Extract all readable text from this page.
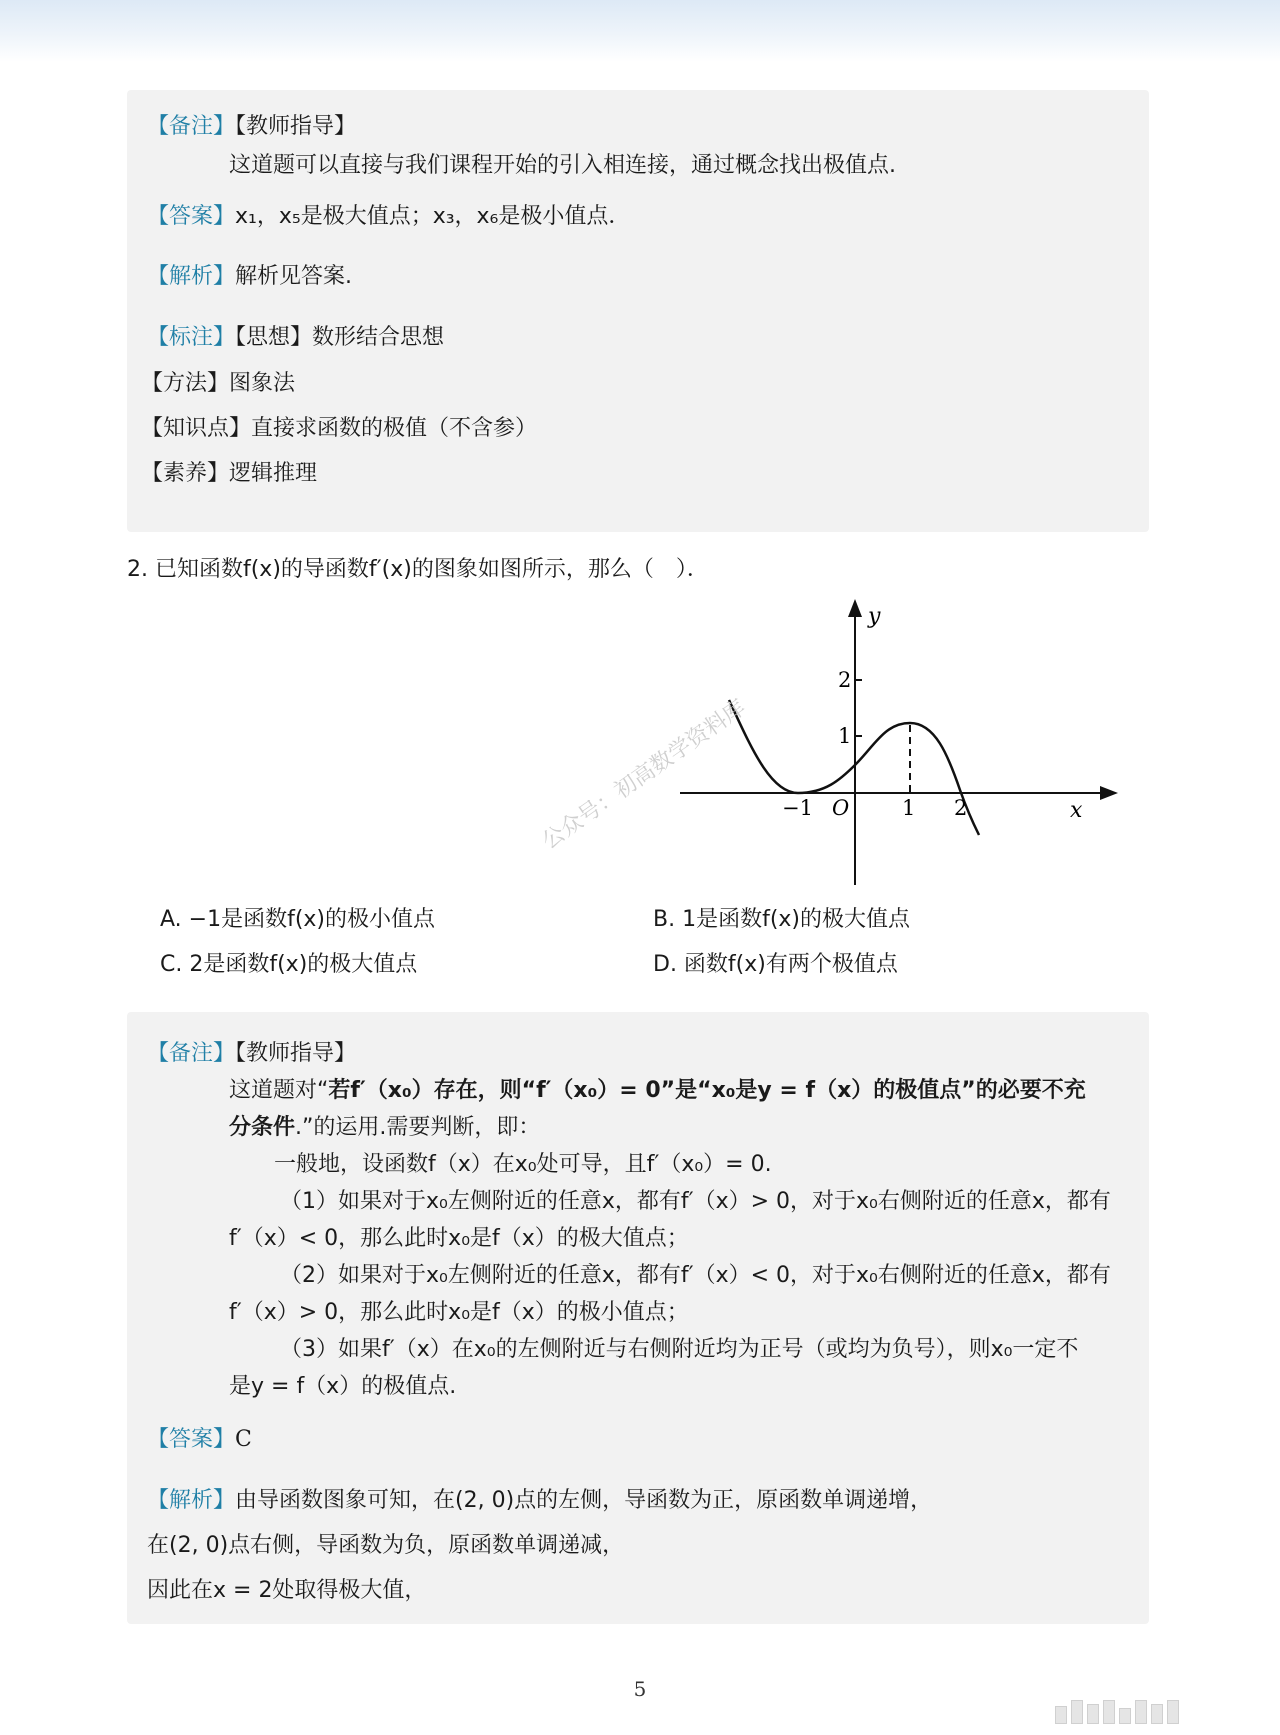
【备注】【教师指导】
这道题可以直接与我们课程开始的引入相连接，通过概念找出极值点.
【答案】x₁，x₅是极大值点；x₃，x₆是极小值点．
【解析】解析见答案.
【标注】【思想】数形结合思想
【方法】图象法
【知识点】直接求函数的极值（不含参）
【素养】逻辑推理
2. 已知函数f(x)的导函数f′(x)的图象如图所示，那么（　）．
y
x
O
−1	1 2
1
2
公众号：初高数学资料库
A. −1是函数f(x)的极小值点	B. 1是函数f(x)的极大值点
C. 2是函数f(x)的极大值点	D. 函数f(x)有两个极值点
【备注】【教师指导】
这道题对“若f′（x₀）存在，则“f′（x₀）= 0”是“x₀是y = f（x）的极值点”的必要不充
分条件.”的运用.需要判断，即：
一般地，设函数f（x）在x₀处可导，且f′（x₀）= 0.
（1）如果对于x₀左侧附近的任意x，都有f′（x）> 0，对于x₀右侧附近的任意x，都有
f′（x）< 0，那么此时x₀是f（x）的极大值点；
（2）如果对于x₀左侧附近的任意x，都有f′（x）< 0，对于x₀右侧附近的任意x，都有
f′（x）> 0，那么此时x₀是f（x）的极小值点；
（3）如果f′（x）在x₀的左侧附近与右侧附近均为正号（或均为负号），则x₀一定不
是y = f（x）的极值点.
【答案】C
【解析】由导函数图象可知，在(2, 0)点的左侧，导函数为正，原函数单调递增，
在(2, 0)点右侧，导函数为负，原函数单调递减，
因此在x = 2处取得极大值，
5
